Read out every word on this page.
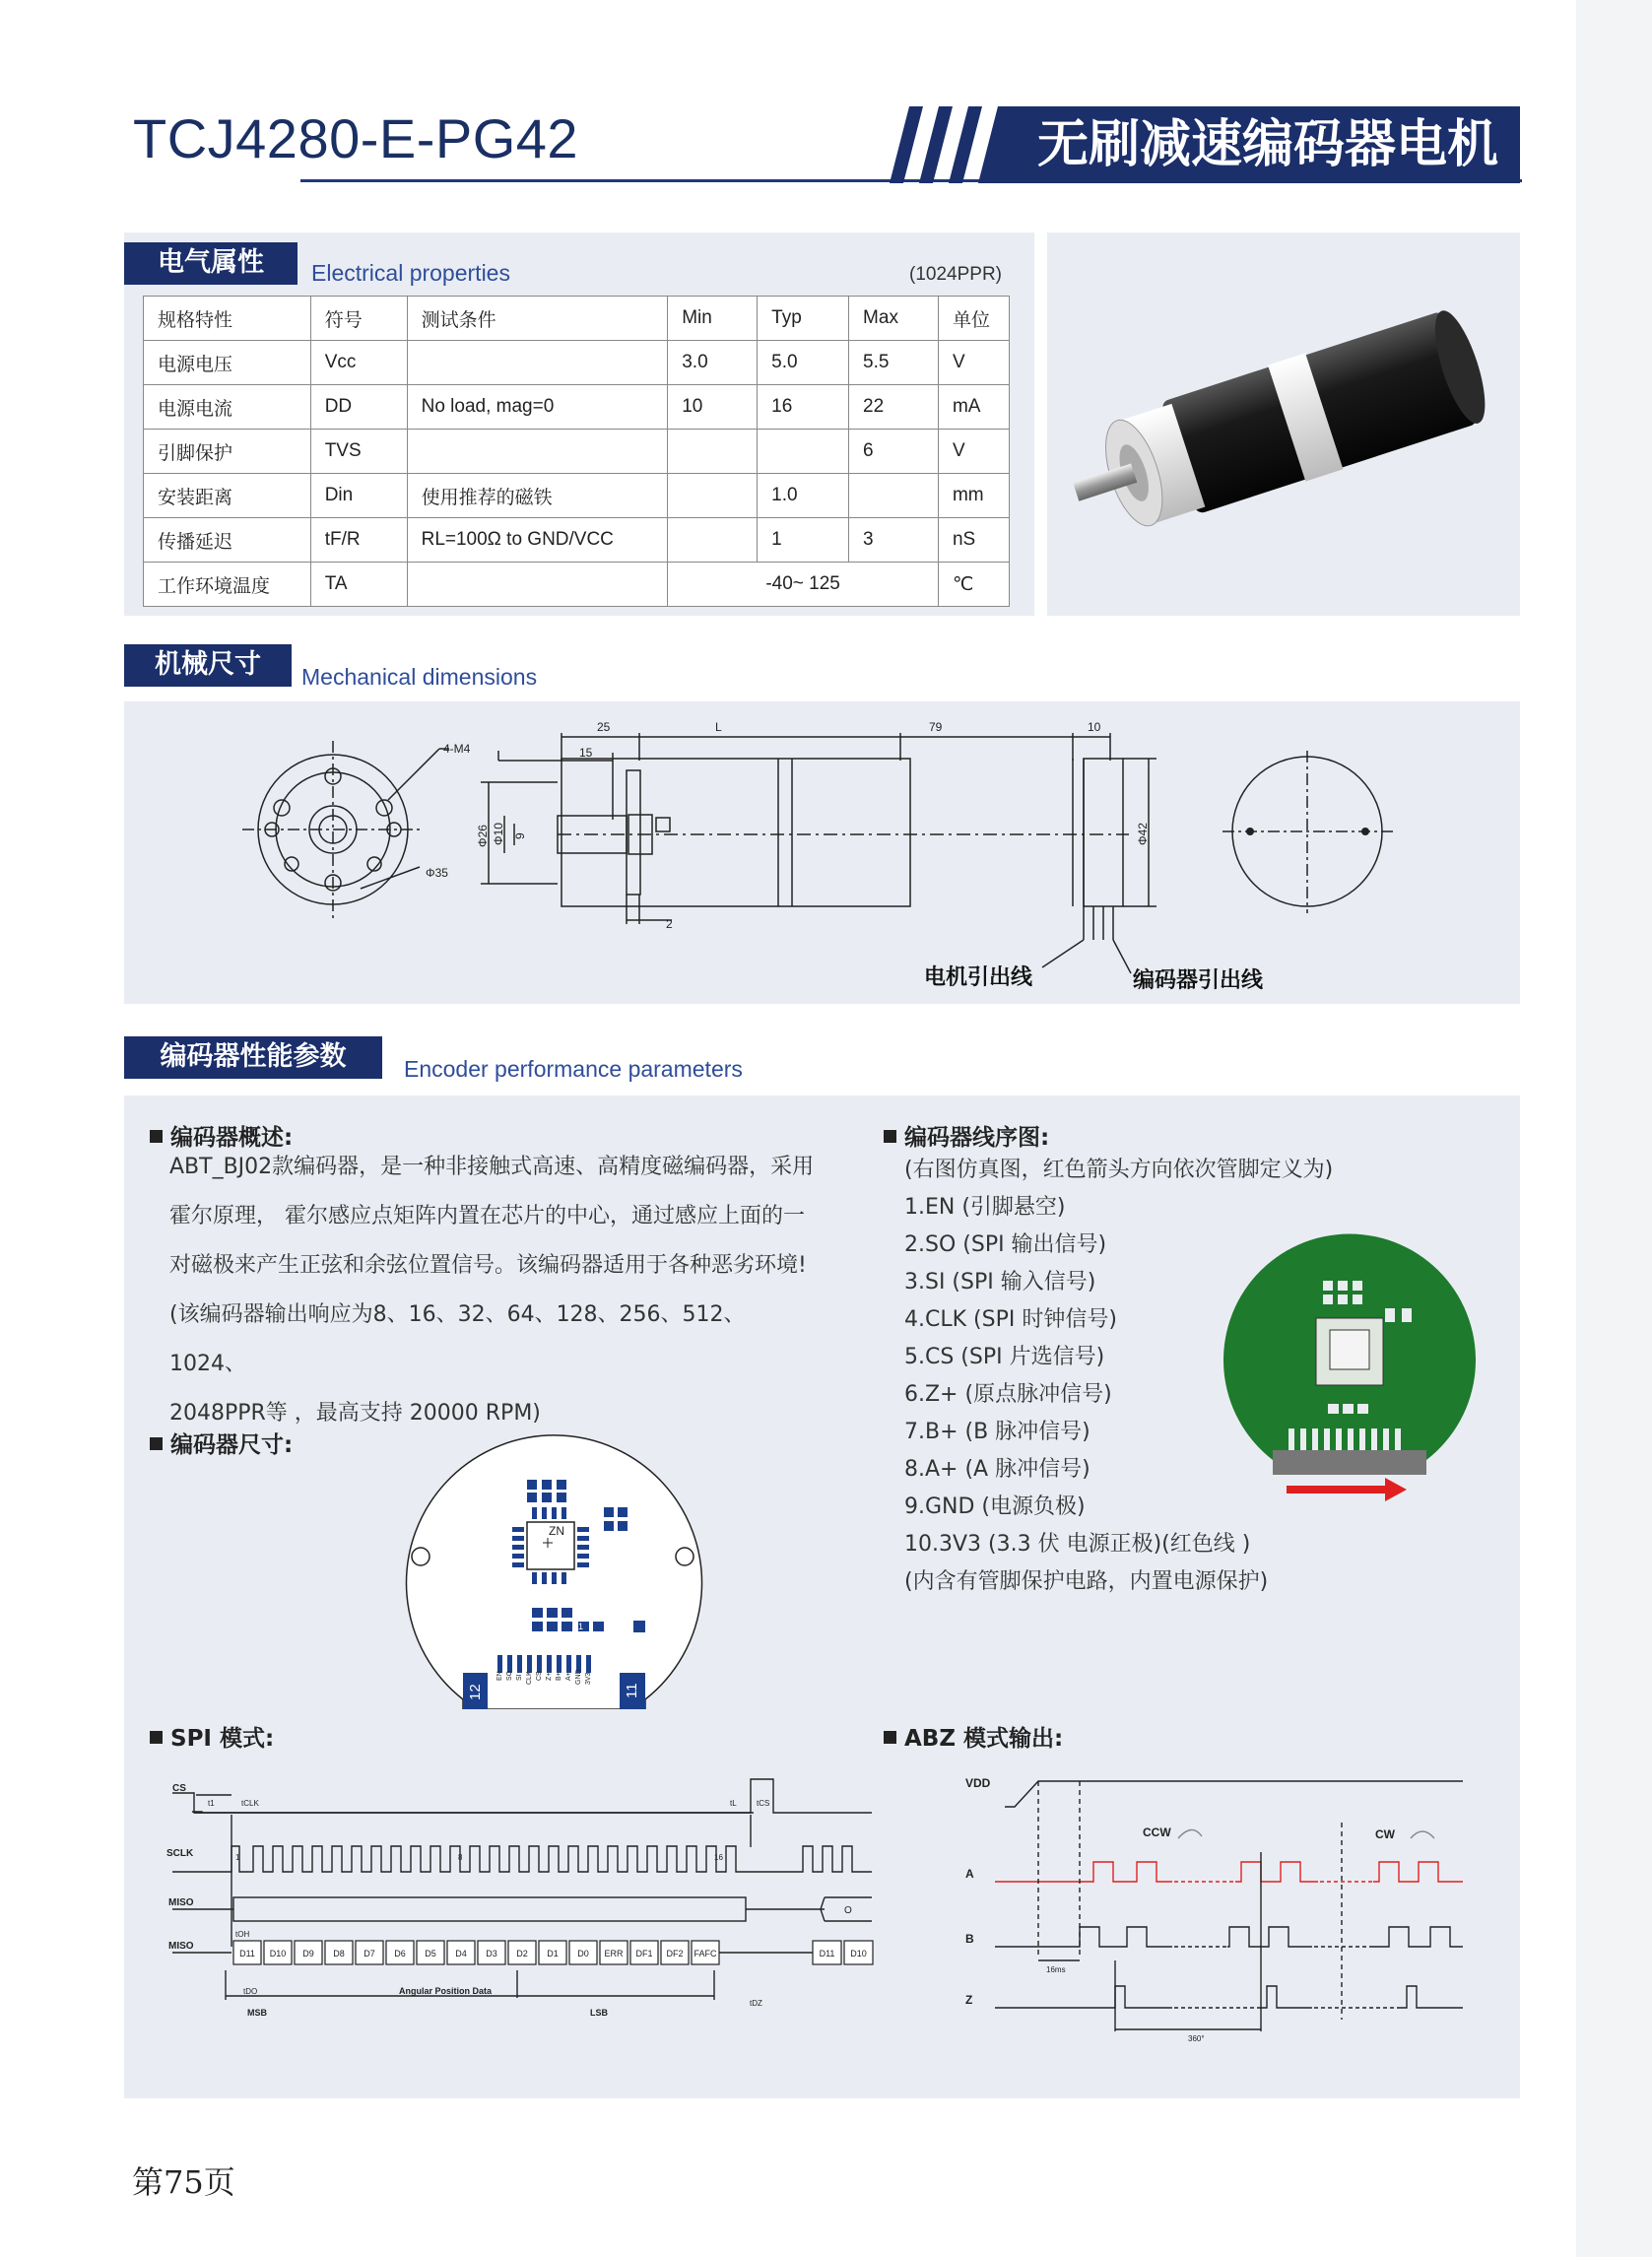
TCJ4280-E-PG42	无刷减速编码器电机
电气属性	Electrical properties	(1024PPR)
规格特性	符号	测试条件	Min	Typ	Max	单位
电源电压	Vcc		3.0	5.0	5.5	V
电源电流	DD	No load, mag=0	10	16	22	mA
引脚保护	TVS				6	V
安装距离	Din	使用推荐的磁铁		1.0		mm
传播延迟	tF/R	RL=100Ω to GND/VCC		1	3	nS
工作环境温度	TA		-40~ 125			℃
机械尺寸	Mechanical dimensions
25	L	79	10
15
2
4-M4
Φ35
Φ26 Φ10 9	Φ42
电机引出线	编码器引出线
编码器性能参数	Encoder performance parameters
编码器概述:
ABT_BJ02款编码器，是一种非接触式高速、高精度磁编码器，采用
霍尔原理， 霍尔感应点矩阵内置在芯片的中心，通过感应上面的一
对磁极来产生正弦和余弦位置信号。该编码器适用于各种恶劣环境!
(该编码器输出响应为8、16、32、64、128、256、512、1024、
2048PPR等 ，最高支持 20000 RPM)
编码器尺寸:
12	11
1
ZN
EN SO SI CLK CS Z+ B+ A+ GND 3V3
编码器线序图:
(右图仿真图，红色箭头方向依次管脚定义为)
1.EN (引脚悬空)
2.SO (SPI 输出信号)
3.SI (SPI 输入信号)
4.CLK (SPI 时钟信号)
5.CS (SPI 片选信号)
6.Z+ (原点脉冲信号)
7.B+ (B 脉冲信号)
8.A+ (A 脉冲信号)
9.GND (电源负极)
10.3V3 (3.3 伏 电源正极)(红色线 )
(内含有管脚保护电路，内置电源保护)
SPI 模式:
D11 D10 D9 D8 D7 D6 D5 D4 D3 D2 D1 D0 ERR DF1 DF2 FAFC	D11 D10
CS
SCLK
MISO
MISO
t1	tCLK	tL	tCS
tOH
tDO
tDZ
1	8	16
O
Angular Position Data
MSB	LSB
ABZ 模式输出:
VDD
A
B
Z
CCW	CW
16ms
360°
第75页
